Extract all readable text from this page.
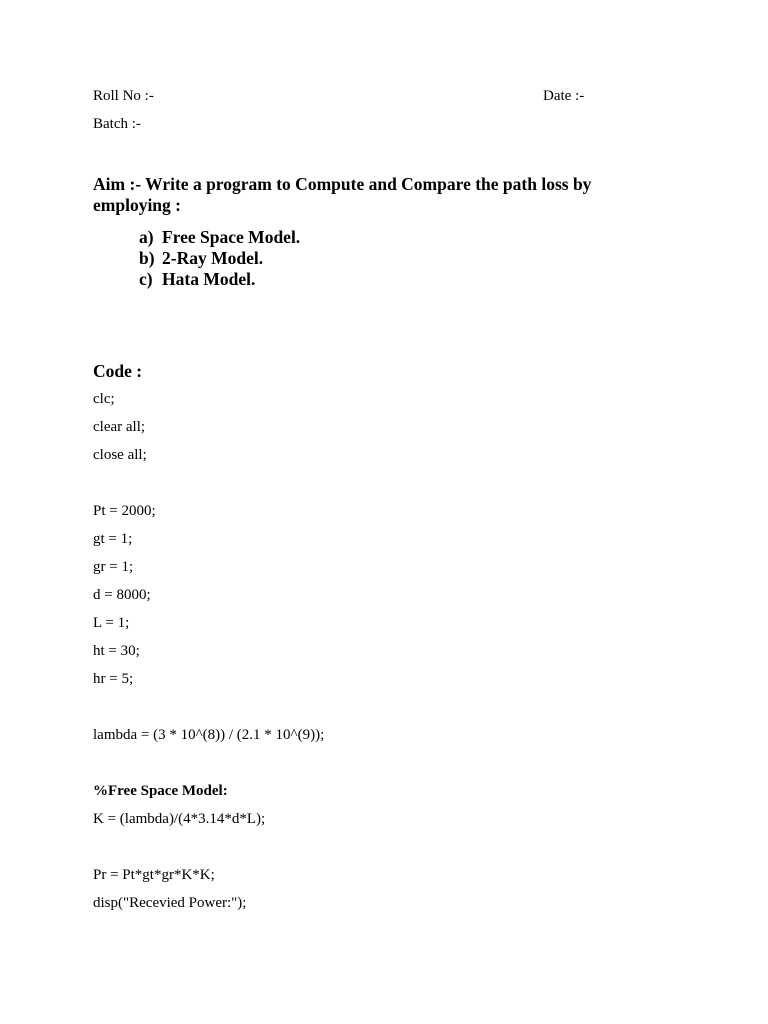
Roll No :-	Date :-
Batch :-
Aim :- Write a program to Compute and Compare the path loss by employing :
a) Free Space Model.
b) 2-Ray Model.
c) Hata Model.
Code :
clc;
clear all;
close all;
Pt = 2000;
gt = 1;
gr = 1;
d = 8000;
L = 1;
ht = 30;
hr = 5;
lambda = (3 * 10^(8)) / (2.1 * 10^(9));
%Free Space Model:
K = (lambda)/(4*3.14*d*L);
Pr = Pt*gt*gr*K*K;
disp("Recevied Power:");
